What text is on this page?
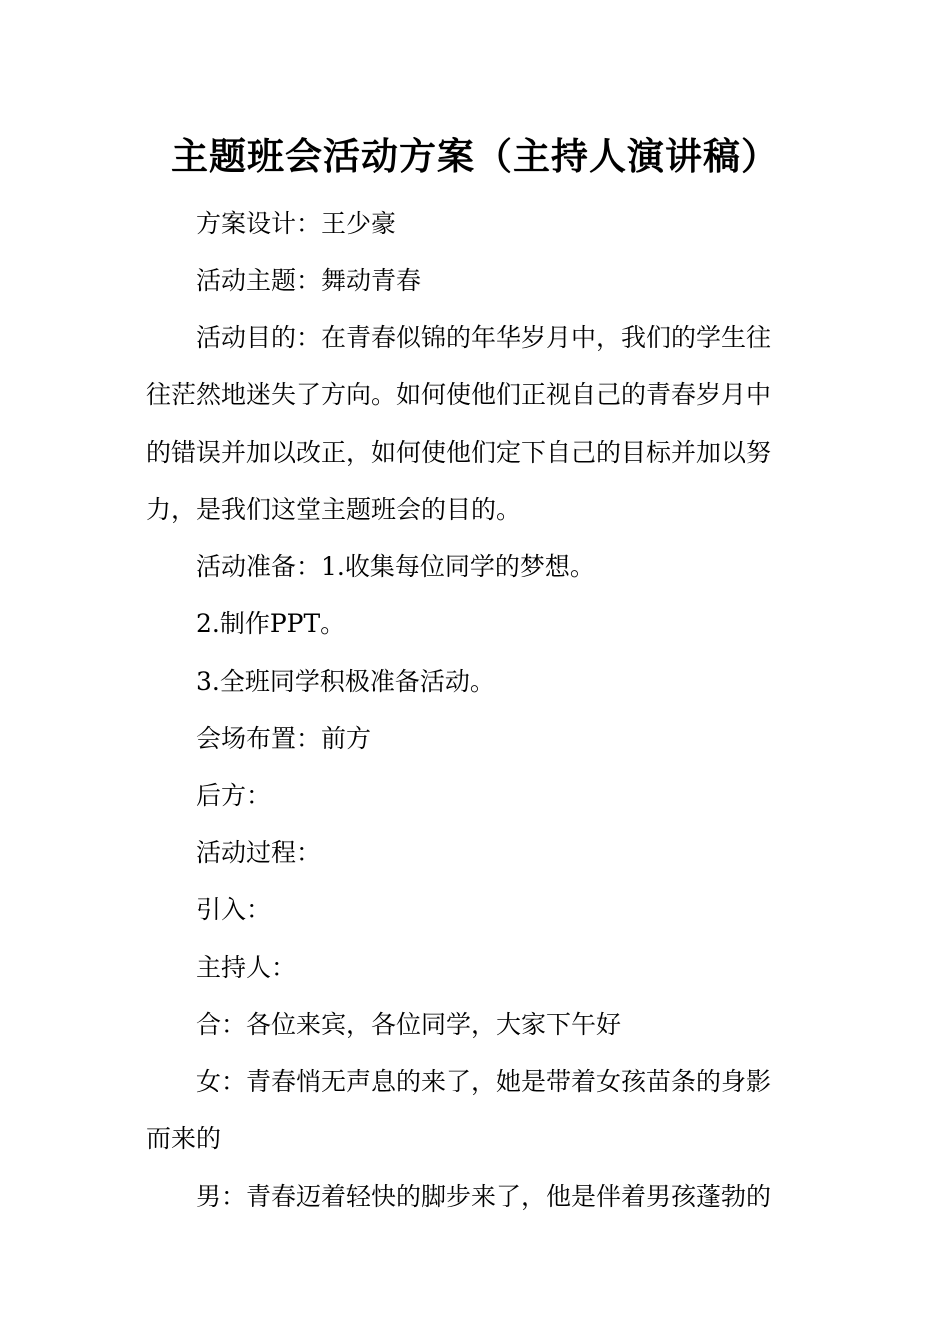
主题班会活动方案（主持人演讲稿）

方案设计：王少豪

活动主题：舞动青春

活动目的：在青春似锦的年华岁月中，我们的学生往

往茫然地迷失了方向。如何使他们正视自己的青春岁月中

的错误并加以改正，如何使他们定下自己的目标并加以努

力，是我们这堂主题班会的目的。

活动准备：1.收集每位同学的梦想。

2.制作PPT。

3.全班同学积极准备活动。

会场布置：前方

后方：

活动过程：

引入：

主持人：

合：各位来宾，各位同学，大家下午好

女：青春悄无声息的来了，她是带着女孩苗条的身影

而来的

男：青春迈着轻快的脚步来了，他是伴着男孩蓬勃的
